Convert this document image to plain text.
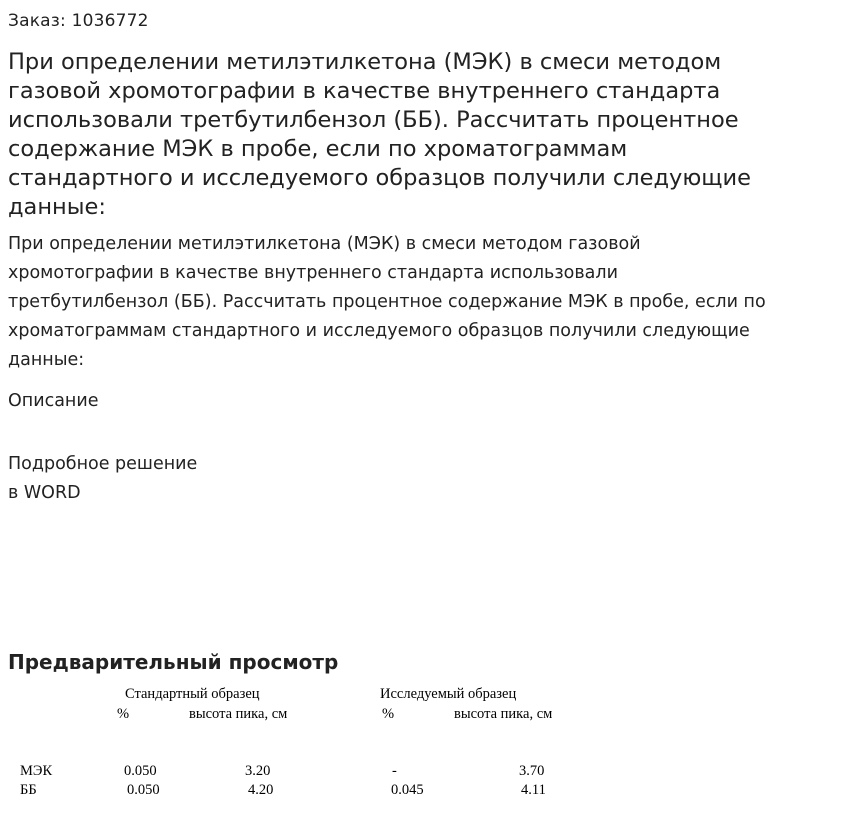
Заказ: 1036772
При определении метилэтилкетона (МЭК) в смеси методом
газовой хромотографии в качестве внутреннего стандарта
использовали третбутилбензол (ББ). Рассчитать процентное
содержание МЭК в пробе, если по хроматограммам
стандартного и исследуемого образцов получили следующие
данные:

При определении метилэтилкетона (МЭК) в смеси методом газовой
хромотографии в качестве внутреннего стандарта использовали
третбутилбензол (ББ). Рассчитать процентное содержание МЭК в пробе, если по
хроматограммам стандартного и исследуемого образцов получили следующие
данные:

Описание
Подробное решение
в WORD
Предварительный просмотр
Стандартный образец	Исследуемый образец
%	высота пика, см	%	высота пика, см
МЭК	0.050	3.20	-	3.70
ББ	0.050	4.20	0.045	4.11
